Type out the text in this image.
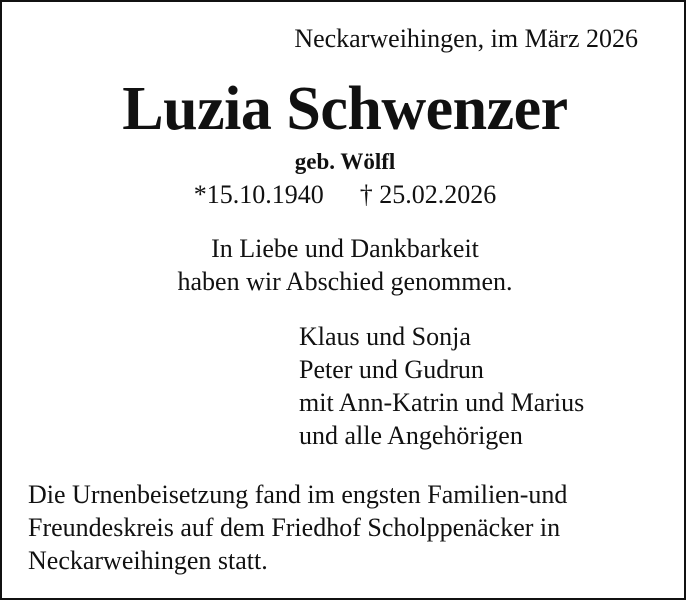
Neckarweihingen, im März 2026
Luzia Schwenzer
geb. Wölfl
*15.10.1940 † 25.02.2026
In Liebe und Dankbarkeit
haben wir Abschied genommen.
Klaus und Sonja
Peter und Gudrun
mit Ann-Katrin und Marius
und alle Angehörigen
Die Urnenbeisetzung fand im engsten Familien-und
Freundeskreis auf dem Friedhof Scholppenäcker in
Neckarweihingen statt.
